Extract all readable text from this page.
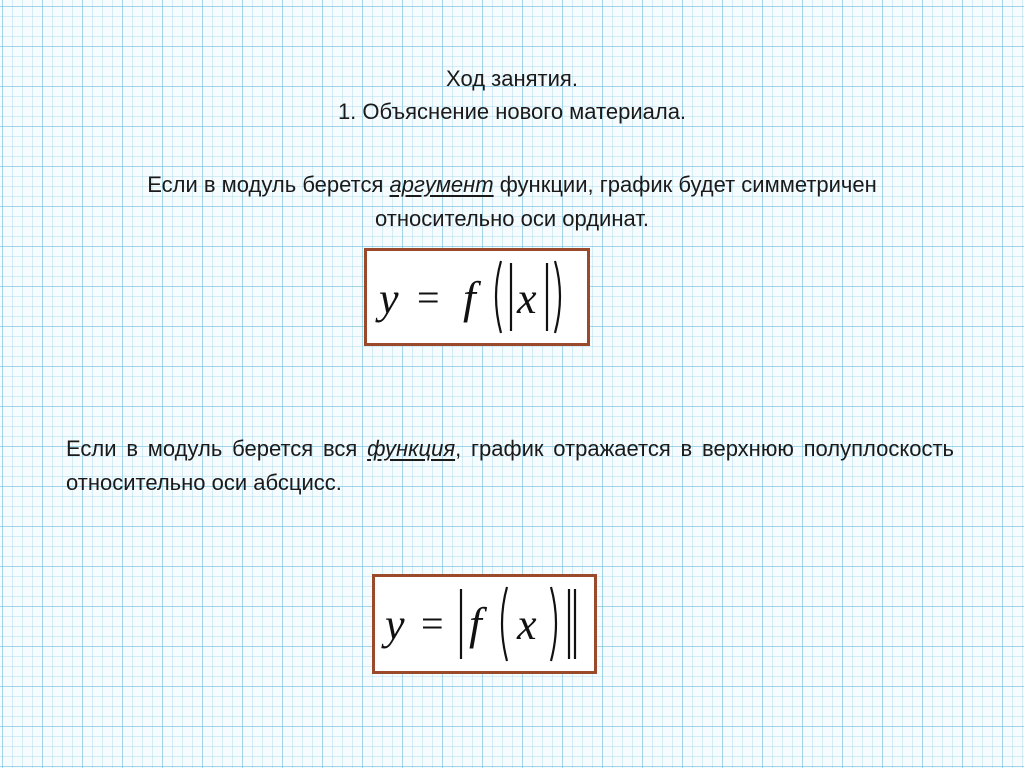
Ход занятия.
1. Объяснение нового материала.
Если в модуль берется аргумент функции, график будет симметричен относительно оси ординат.
y = f x
Если в модуль берется вся функция, график отражается в верхнюю полуплоскость относительно оси абсцисс.
y = f x
